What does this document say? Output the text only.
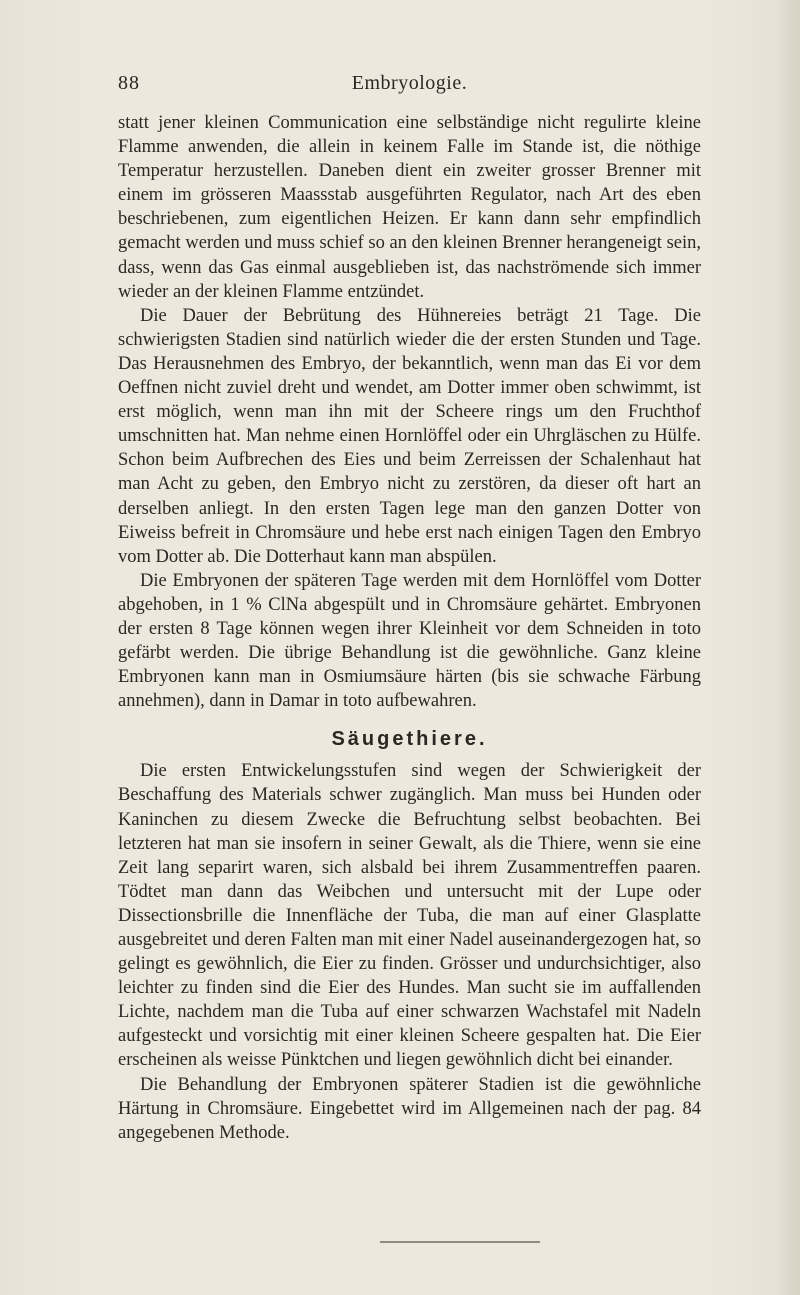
88	Embryologie.

statt jener kleinen Communication eine selbständige nicht regulirte kleine Flamme anwenden, die allein in keinem Falle im Stande ist, die nöthige Temperatur herzustellen. Daneben dient ein zweiter grosser Brenner mit einem im grösseren Maassstab ausgeführten Regulator, nach Art des eben beschriebenen, zum eigentlichen Heizen. Er kann dann sehr empfindlich gemacht werden und muss schief so an den kleinen Brenner herangeneigt sein, dass, wenn das Gas einmal ausgeblieben ist, das nachströmende sich immer wieder an der kleinen Flamme entzündet.

Die Dauer der Bebrütung des Hühnereies beträgt 21 Tage. Die schwierigsten Stadien sind natürlich wieder die der ersten Stunden und Tage. Das Herausnehmen des Embryo, der bekanntlich, wenn man das Ei vor dem Oeffnen nicht zuviel dreht und wendet, am Dotter immer oben schwimmt, ist erst möglich, wenn man ihn mit der Scheere rings um den Fruchthof umschnitten hat. Man nehme einen Hornlöffel oder ein Uhrgläschen zu Hülfe. Schon beim Aufbrechen des Eies und beim Zerreissen der Schalenhaut hat man Acht zu geben, den Embryo nicht zu zerstören, da dieser oft hart an derselben anliegt. In den ersten Tagen lege man den ganzen Dotter von Eiweiss befreit in Chromsäure und hebe erst nach einigen Tagen den Embryo vom Dotter ab. Die Dotterhaut kann man abspülen.

Die Embryonen der späteren Tage werden mit dem Hornlöffel vom Dotter abgehoben, in 1 % ClNa abgespült und in Chromsäure gehärtet. Embryonen der ersten 8 Tage können wegen ihrer Kleinheit vor dem Schneiden in toto gefärbt werden. Die übrige Behandlung ist die gewöhnliche. Ganz kleine Embryonen kann man in Osmiumsäure härten (bis sie schwache Färbung annehmen), dann in Damar in toto aufbewahren.

Säugethiere.

Die ersten Entwickelungsstufen sind wegen der Schwierigkeit der Beschaffung des Materials schwer zugänglich. Man muss bei Hunden oder Kaninchen zu diesem Zwecke die Befruchtung selbst beobachten. Bei letzteren hat man sie insofern in seiner Gewalt, als die Thiere, wenn sie eine Zeit lang separirt waren, sich alsbald bei ihrem Zusammentreffen paaren. Tödtet man dann das Weibchen und untersucht mit der Lupe oder Dissectionsbrille die Innenfläche der Tuba, die man auf einer Glasplatte ausgebreitet und deren Falten man mit einer Nadel auseinandergezogen hat, so gelingt es gewöhnlich, die Eier zu finden. Grösser und undurchsichtiger, also leichter zu finden sind die Eier des Hundes. Man sucht sie im auffallenden Lichte, nachdem man die Tuba auf einer schwarzen Wachstafel mit Nadeln aufgesteckt und vorsichtig mit einer kleinen Scheere gespalten hat. Die Eier erscheinen als weisse Pünktchen und liegen gewöhnlich dicht bei einander.

Die Behandlung der Embryonen späterer Stadien ist die gewöhnliche Härtung in Chromsäure. Eingebettet wird im Allgemeinen nach der pag. 84 angegebenen Methode.
